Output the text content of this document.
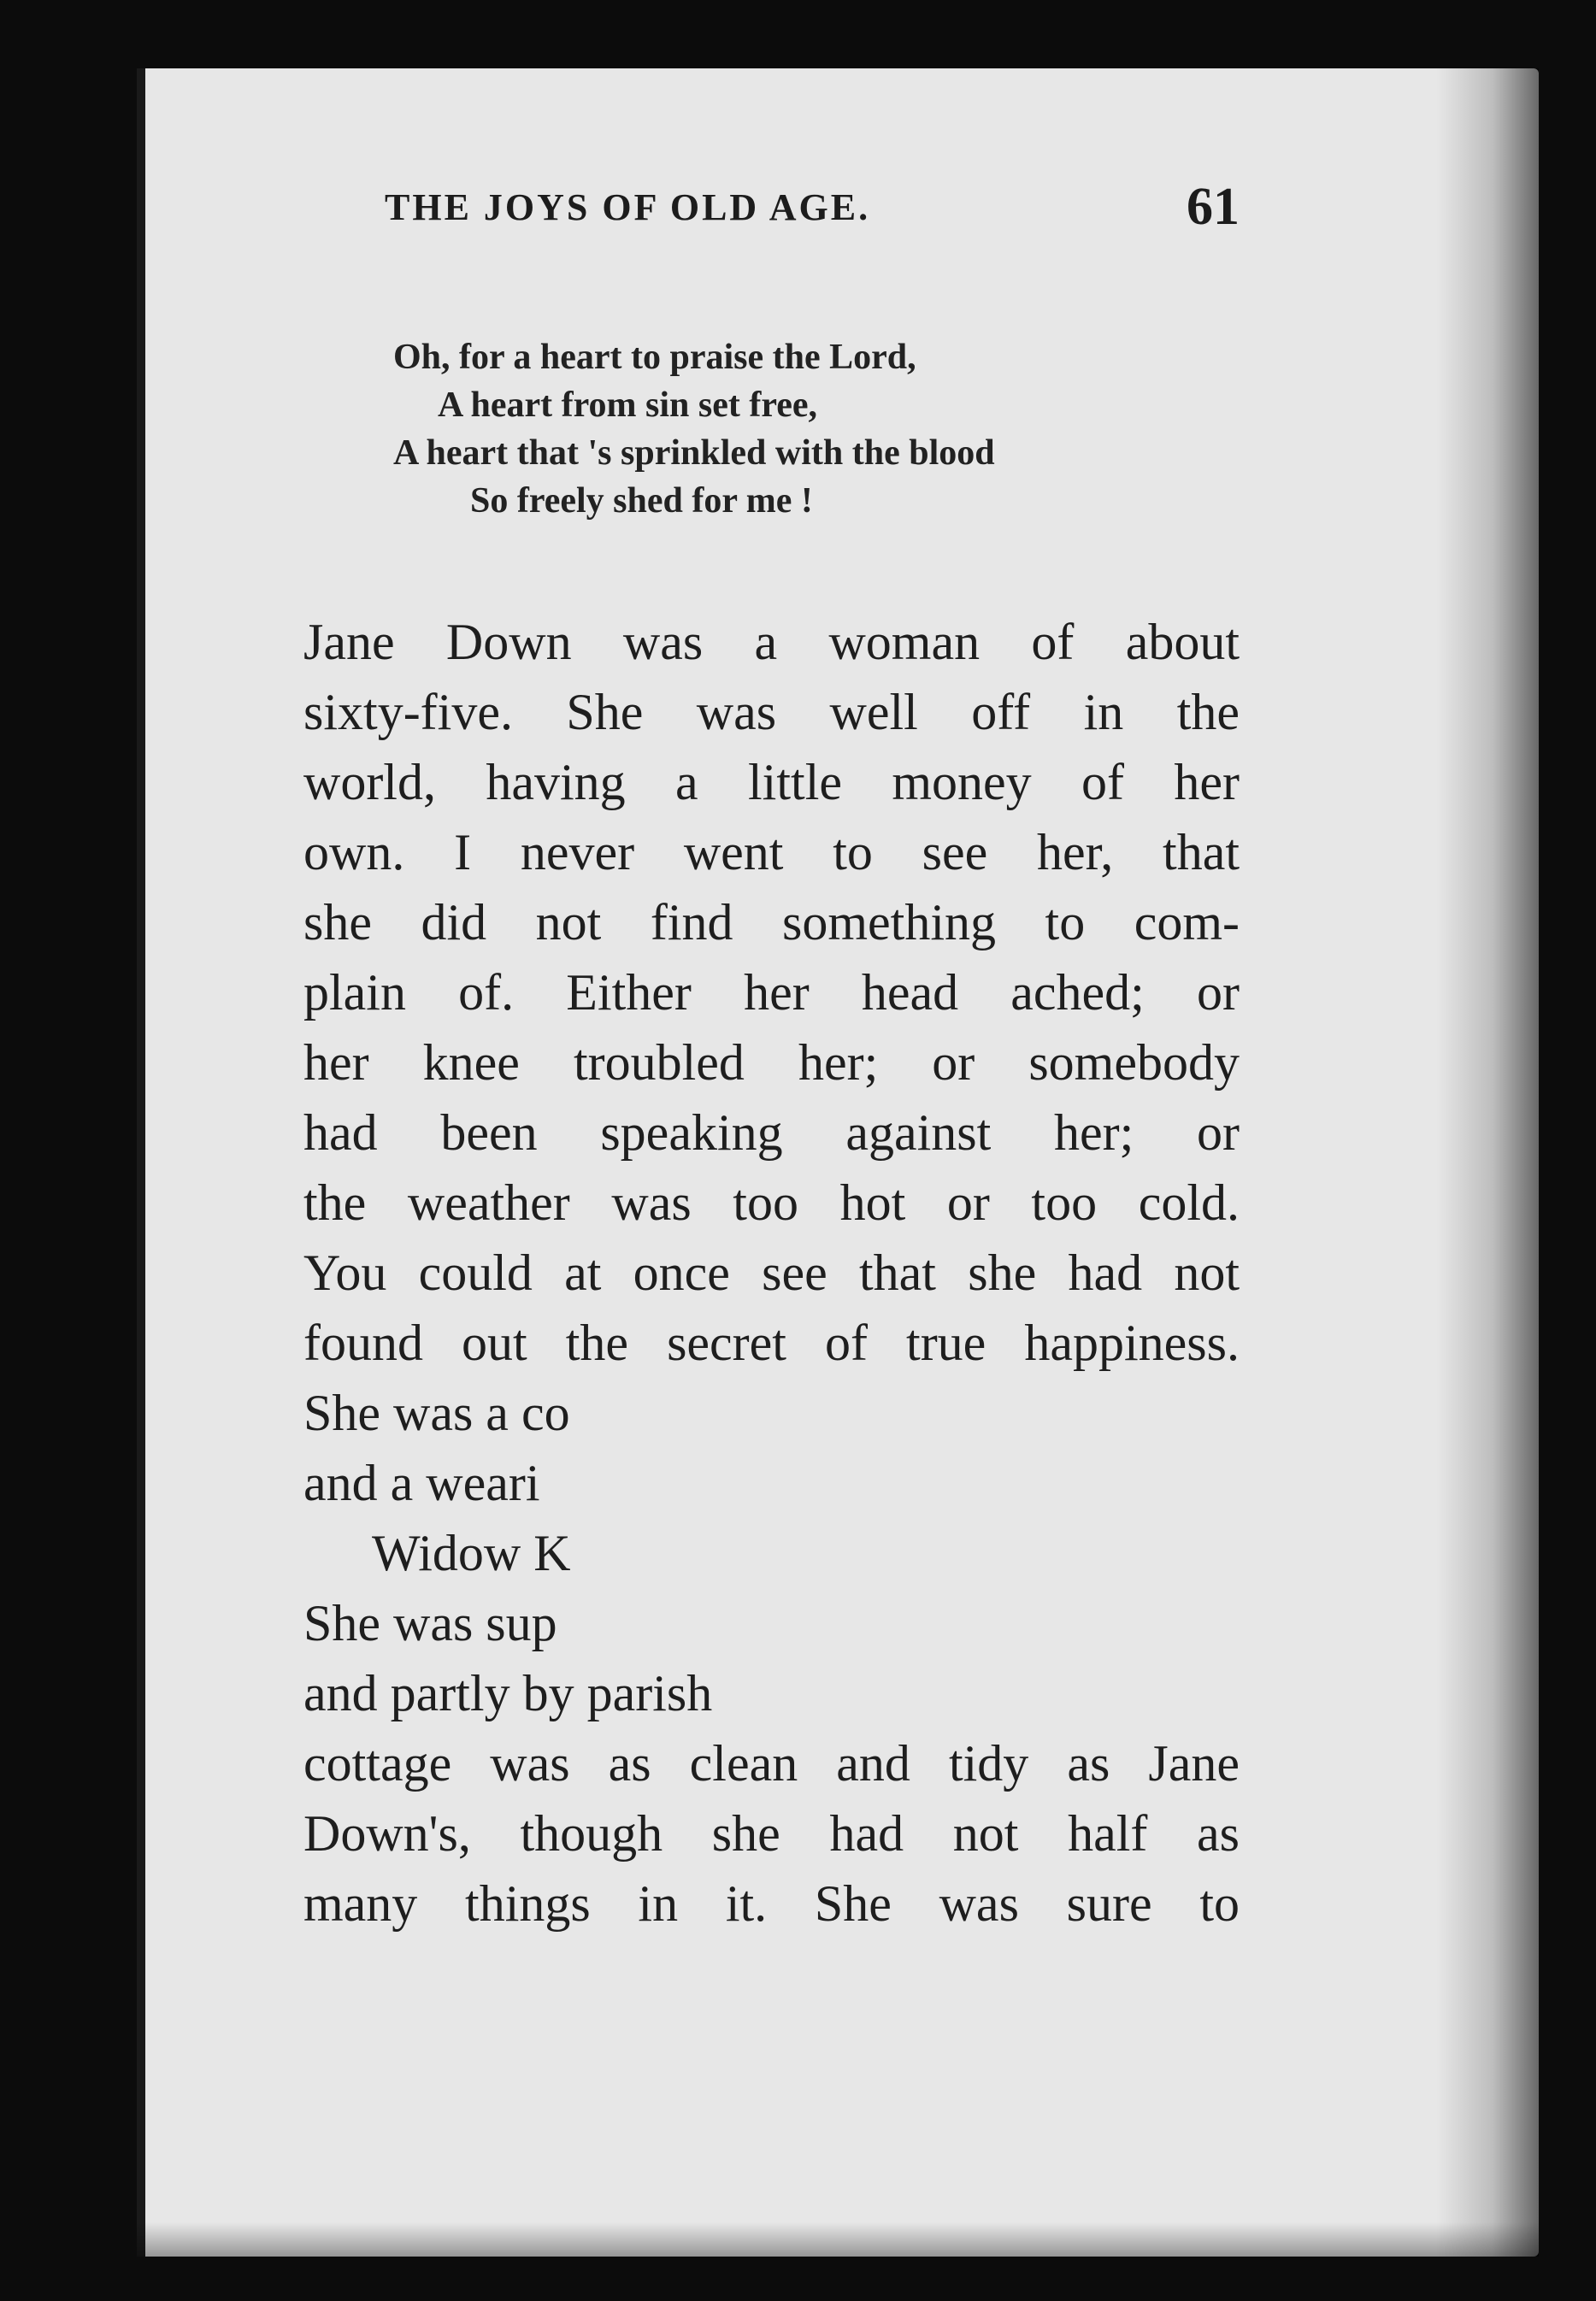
THE JOYS OF OLD AGE.	61
Oh, for a heart to praise the Lord,
A heart from sin set free,
A heart that 's sprinkled with the blood
So freely shed for me !
Jane Down was a woman of about
sixty-five. She was well off in the
world, having a little money of her
own. I never went to see her, that
she did not find something to com-
plain of. Either her head ached; or
her knee troubled her; or somebody
had been speaking against her; or
the weather was too hot or too cold.
You could at once see that she had not
found out the secret of true happiness.
She was a co
and a weari
Widow K
She was sup
and partly by parish
cottage was as clean and tidy as Jane
Down's, though she had not half as
many things in it. She was sure to
